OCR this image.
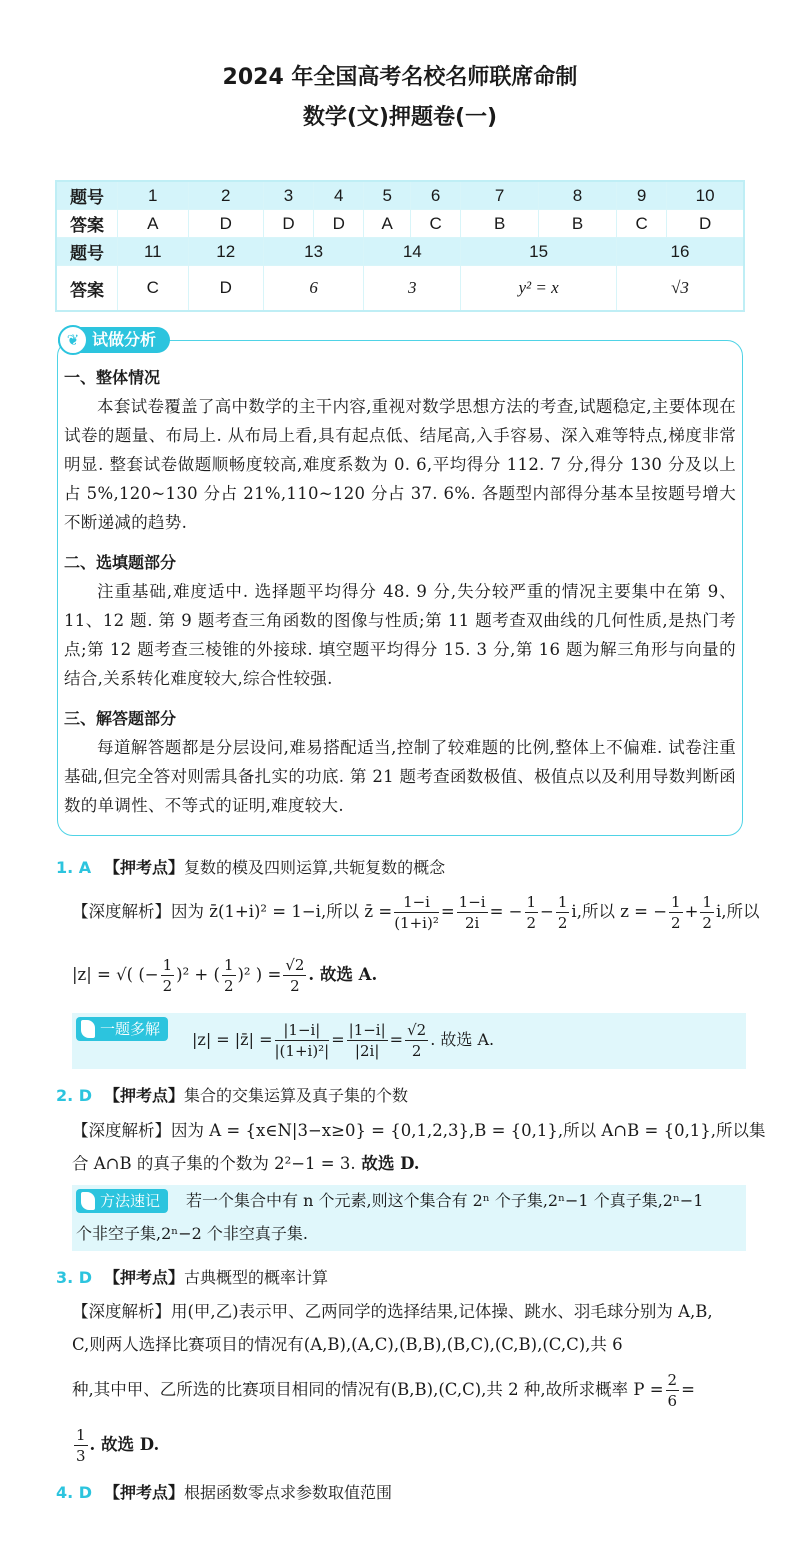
2024 年全国高考名校名师联席命制
数学(文)押题卷(一)
题号	1	2	3	4	5	6	7	8	9	10
答案	A	D	D	D	A	C	B	B	C	D
题号	11	12	13		14		15		16	
答案	C	D	6		3		y² = x		√3	
❦ 试做分析
一、整体情况

本套试卷覆盖了高中数学的主干内容,重视对数学思想方法的考查,试题稳定,主要体现在试卷的题量、布局上. 从布局上看,具有起点低、结尾高,入手容易、深入难等特点,梯度非常明显. 整套试卷做题顺畅度较高,难度系数为 0. 6,平均得分 112. 7 分,得分 130 分及以上占 5%,120~130 分占 21%,110~120 分占 37. 6%. 各题型内部得分基本呈按题号增大不断递减的趋势.

二、选填题部分

注重基础,难度适中. 选择题平均得分 48. 9 分,失分较严重的情况主要集中在第 9、11、12 题. 第 9 题考查三角函数的图像与性质;第 11 题考查双曲线的几何性质,是热门考点;第 12 题考查三棱锥的外接球. 填空题平均得分 15. 3 分,第 16 题为解三角形与向量的结合,关系转化难度较大,综合性较强.

三、解答题部分

每道解答题都是分层设问,难易搭配适当,控制了较难题的比例,整体上不偏难. 试卷注重基础,但完全答对则需具备扎实的功底. 第 21 题考查函数极值、极值点以及利用导数判断函数的单调性、不等式的证明,难度较大.

1. A 【押考点】复数的模及四则运算,共轭复数的概念
【深度解析】因为 z̄(1+i)² = 1−i,所以 z̄ = $\frac{1-i}{\text{(1+i)²}} = \frac{1-i}{2i}$ = − $\frac{1}{2} - \frac{1}{2} i$,所以 z = − $\frac{1}{2} + \frac{1}{2} i$,所以
|z| = √( (− $\frac{1}{2} )^2$ + ( $\frac{1}{2} )^2$ ) = $\frac{√2}{2}$ . 故选 A.
一题多解
|z| = |z̄| = $\frac{|1-i|}{\text{|(1+i)²|}} = \frac{|1-i|}{|2i|} = \frac{√2}{2}$ . 故选 A.
2. D 【押考点】集合的交集运算及真子集的个数
【深度解析】因为 A = {x∈N|3−x≥0} = {0,1,2,3},B = {0,1},所以 A∩B = {0,1},所以集
合 A∩B 的真子集的个数为 2²−1 = 3. 故选 D.
方法速记	若一个集合中有 n 个元素,则这个集合有 2ⁿ 个子集,2ⁿ−1 个真子集,2ⁿ−1
个非空子集,2ⁿ−2 个非空真子集.
3. D 【押考点】古典概型的概率计算
【深度解析】用(甲,乙)表示甲、乙两同学的选择结果,记体操、跳水、羽毛球分别为 A,B,
C,则两人选择比赛项目的情况有(A,B),(A,C),(B,B),(B,C),(C,B),(C,C),共 6
种,其中甲、乙所选的比赛项目相同的情况有(B,B),(C,C),共 2 种,故所求概率 $P = \frac{2}{6}$ =
$\frac{1}{3}$ . 故选 D.
4. D 【押考点】根据函数零点求参数取值范围
